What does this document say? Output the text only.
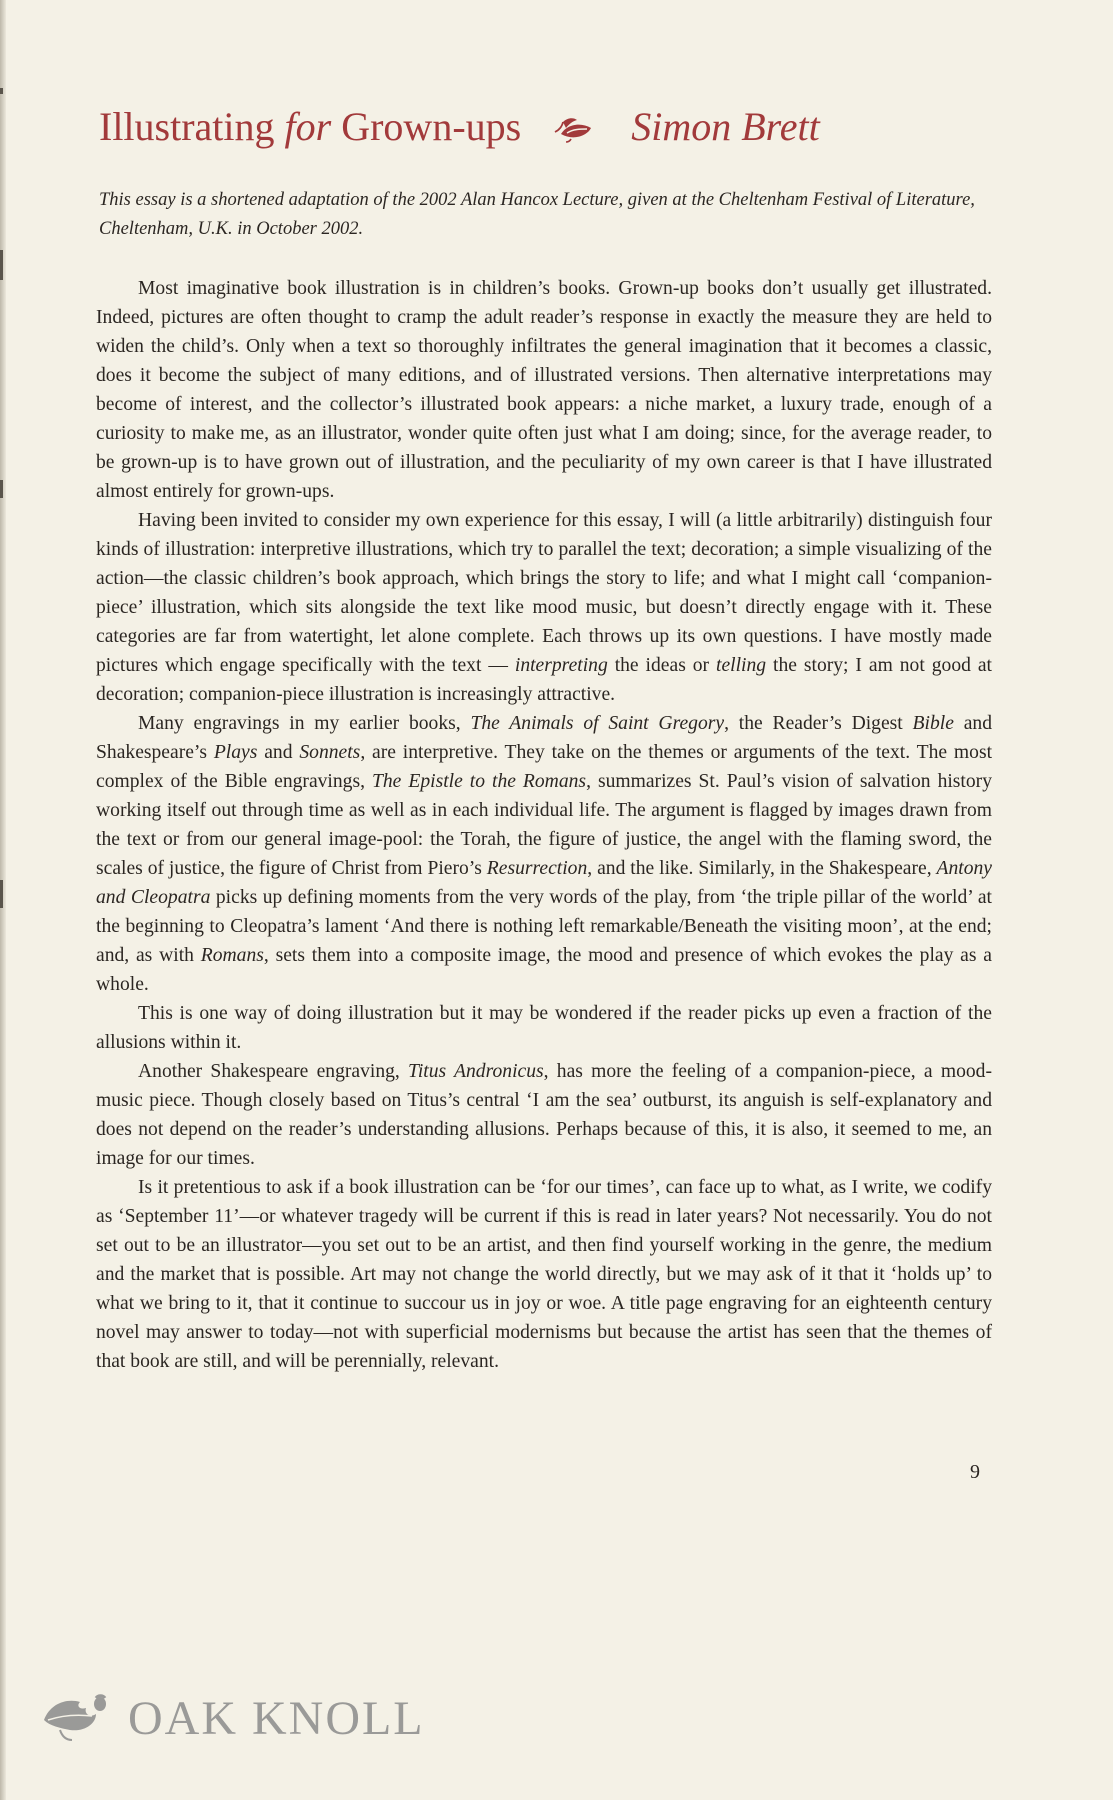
Illustrating for Grown-ups	Simon Brett
This essay is a shortened adaptation of the 2002 Alan Hancox Lecture, given at the Cheltenham Festival of Literature, Cheltenham, U.K. in October 2002.

Most imaginative book illustration is in children’s books. Grown-up books don’t usually get illustrated. Indeed, pictures are often thought to cramp the adult reader’s response in exactly the measure they are held to widen the child’s. Only when a text so thoroughly infiltrates the general imagination that it becomes a classic, does it become the subject of many editions, and of illustrated versions. Then alternative interpretations may become of interest, and the collector’s illustrated book appears: a niche market, a luxury trade, enough of a curiosity to make me, as an illustrator, wonder quite often just what I am doing; since, for the average reader, to be grown-up is to have grown out of illustration, and the peculiarity of my own career is that I have illustrated almost entirely for grown-ups.

Having been invited to consider my own experience for this essay, I will (a little arbitrarily) distinguish four kinds of illustration: interpretive illustrations, which try to parallel the text; decoration; a simple visualizing of the action—the classic children’s book approach, which brings the story to life; and what I might call ‘companion-piece’ illustration, which sits alongside the text like mood music, but doesn’t directly engage with it. These categories are far from watertight, let alone complete. Each throws up its own questions. I have mostly made pictures which engage specifically with the text — interpreting the ideas or telling the story; I am not good at decoration; companion-piece illustration is increasingly attractive.

Many engravings in my earlier books, The Animals of Saint Gregory, the Reader’s Digest Bible and Shakespeare’s Plays and Sonnets, are interpretive. They take on the themes or arguments of the text. The most complex of the Bible engravings, The Epistle to the Romans, summarizes St. Paul’s vision of salvation history working itself out through time as well as in each individual life. The argument is flagged by images drawn from the text or from our general image-pool: the Torah, the figure of justice, the angel with the flaming sword, the scales of justice, the figure of Christ from Piero’s Resurrection, and the like. Similarly, in the Shakespeare, Antony and Cleopatra picks up defining moments from the very words of the play, from ‘the triple pillar of the world’ at the beginning to Cleopatra’s lament ‘And there is nothing left remarkable/Beneath the visiting moon’, at the end; and, as with Romans, sets them into a composite image, the mood and presence of which evokes the play as a whole.

This is one way of doing illustration but it may be wondered if the reader picks up even a fraction of the allusions within it.

Another Shakespeare engraving, Titus Andronicus, has more the feeling of a companion-piece, a mood-music piece. Though closely based on Titus’s central ‘I am the sea’ outburst, its anguish is self-explanatory and does not depend on the reader’s understanding allusions. Perhaps because of this, it is also, it seemed to me, an image for our times.

Is it pretentious to ask if a book illustration can be ‘for our times’, can face up to what, as I write, we codify as ‘September 11’—or whatever tragedy will be current if this is read in later years? Not necessarily. You do not set out to be an illustrator—you set out to be an artist, and then find yourself working in the genre, the medium and the market that is possible. Art may not change the world directly, but we may ask of it that it ‘holds up’ to what we bring to it, that it continue to succour us in joy or woe. A title page engraving for an eighteenth century novel may answer to today—not with superficial modernisms but because the artist has seen that the themes of that book are still, and will be perennially, relevant.

9
OAK KNOLL
